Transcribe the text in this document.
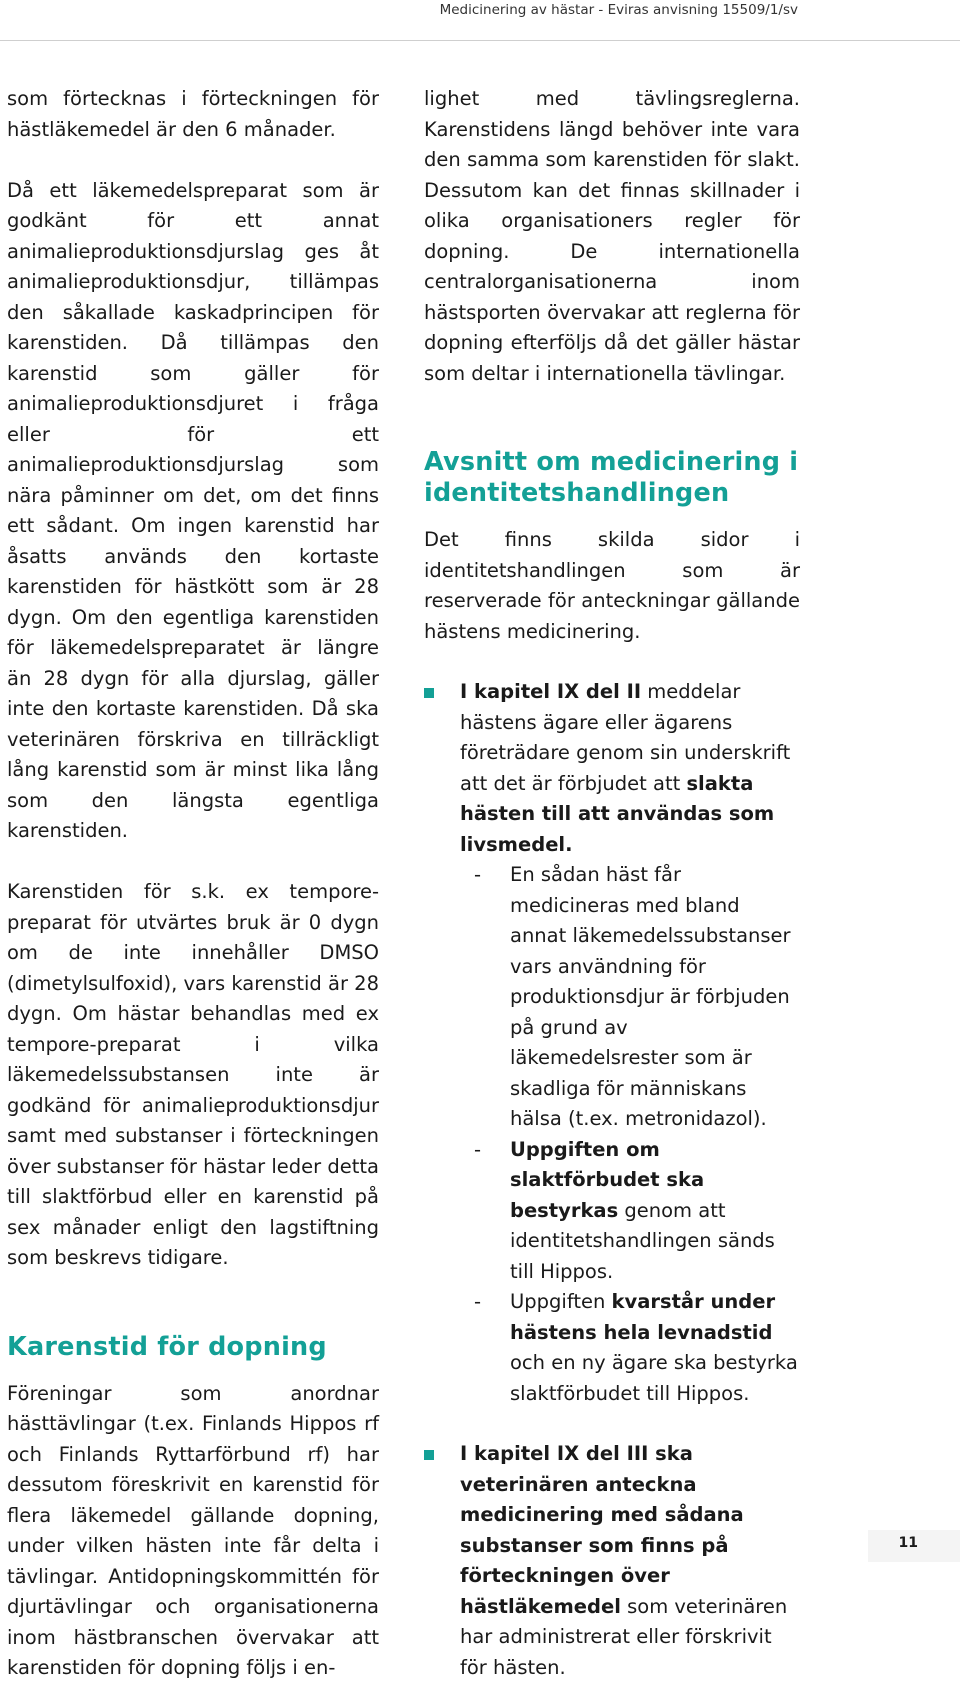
Medicinering av hästar - Eviras anvisning 15509/1/sv

som förtecknas i förteckningen för hästläkemedel är den 6 månader.

Då ett läkemedelspreparat som är godkänt för ett annat animalieproduktionsdjurslag ges åt animalieproduktionsdjur, tillämpas den såkallade kaskadprincipen för karenstiden. Då tillämpas den karenstid som gäller för animalieproduktionsdjuret i fråga eller för ett animalieproduktionsdjurslag som nära påminner om det, om det finns ett sådant. Om ingen karenstid har åsatts används den kortaste karenstiden för hästkött som är 28 dygn. Om den egentliga karenstiden för läkemedelspreparatet är längre än 28 dygn för alla djurslag, gäller inte den kortaste karenstiden. Då ska veterinären förskriva en tillräckligt lång karenstid som är minst lika lång som den längsta egentliga karenstiden.

Karenstiden för s.k. ex tempore-preparat för utvärtes bruk är 0 dygn om de inte innehåller DMSO (dimetylsulfoxid), vars karenstid är 28 dygn. Om hästar behandlas med ex tempore-preparat i vilka läkemedelssubstansen inte är godkänd för animalieproduktionsdjur samt med substanser i förteckningen över substanser för hästar leder detta till slaktförbud eller en karenstid på sex månader enligt den lagstiftning som beskrevs tidigare.

Karenstid för dopning

Föreningar som anordnar hästtävlingar (t.ex. Finlands Hippos rf och Finlands Ryttarförbund rf) har dessutom föreskrivit en karenstid för flera läkemedel gällande dopning, under vilken hästen inte får delta i tävlingar. Antidopningskommittén för djurtävlingar och organisationerna inom hästbranschen övervakar att karenstiden för dopning följs i en-

lighet med tävlingsreglerna. Karenstidens längd behöver inte vara den samma som karenstiden för slakt. Dessutom kan det finnas skillnader i olika organisationers regler för dopning. De internationella centralorganisationerna inom hästsporten övervakar att reglerna för dopning efterföljs då det gäller hästar som deltar i internationella tävlingar.

Avsnitt om medicinering i identitetshandlingen

Det finns skilda sidor i identitetshandlingen som är reserverade för anteckningar gällande hästens medicinering.

I kapitel IX del II meddelar hästens ägare eller ägarens företrädare genom sin underskrift att det är förbjudet att slakta hästen till att användas som livsmedel.
- En sådan häst får medicineras med bland annat läkemedelssubstanser vars användning för produktionsdjur är förbjuden på grund av läkemedelsrester som är skadliga för människans hälsa (t.ex. metronidazol).
- Uppgiften om slaktförbudet ska bestyrkas genom att identitetshandlingen sänds till Hippos.
- Uppgiften kvarstår under hästens hela levnadstid och en ny ägare ska bestyrka slaktförbudet till Hippos.
I kapitel IX del III ska veterinären anteckna medicinering med sådana substanser som finns på förteckningen över hästläkemedel som veterinären har administrerat eller förskrivit för hästen.
11
